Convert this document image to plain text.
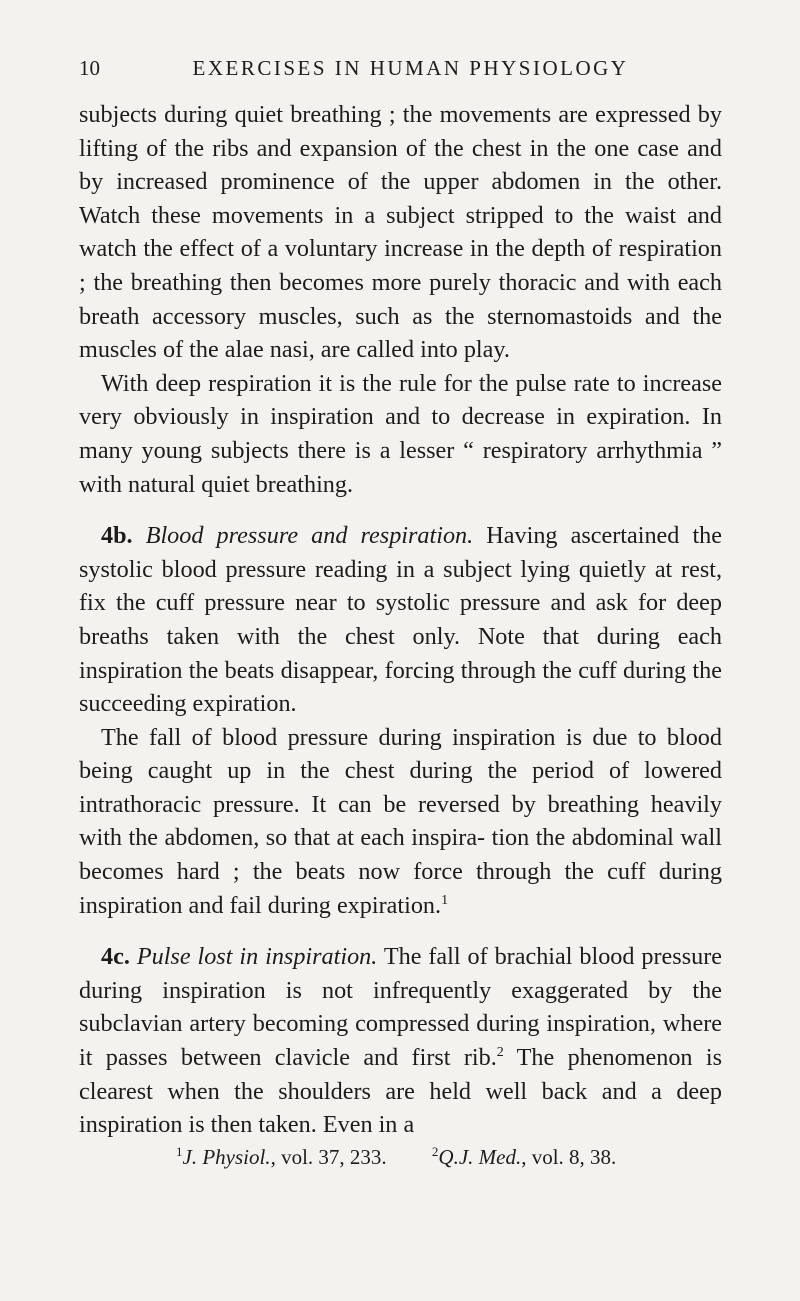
10	EXERCISES IN HUMAN PHYSIOLOGY

subjects during quiet breathing ; the movements are expressed by lifting of the ribs and expansion of the chest in the one case and by increased prominence of the upper abdomen in the other. Watch these movements in a subject stripped to the waist and watch the effect of a voluntary increase in the depth of respiration ; the breathing then becomes more purely thoracic and with each breath accessory muscles, such as the sternomastoids and the muscles of the alae nasi, are called into play.

With deep respiration it is the rule for the pulse rate to increase very obviously in inspiration and to decrease in expiration. In many young subjects there is a lesser “ respiratory arrhythmia ” with natural quiet breathing.

4b. Blood pressure and respiration. Having ascertained the systolic blood pressure reading in a subject lying quietly at rest, fix the cuff pressure near to systolic pressure and ask for deep breaths taken with the chest only. Note that during each inspiration the beats disappear, forcing through the cuff during the succeeding expiration.

The fall of blood pressure during inspiration is due to blood being caught up in the chest during the period of lowered intrathoracic pressure. It can be reversed by breathing heavily with the abdomen, so that at each inspira- tion the abdominal wall becomes hard ; the beats now force through the cuff during inspiration and fail during expiration.$^1$

4c. Pulse lost in inspiration. The fall of brachial blood pressure during inspiration is not infrequently exaggerated by the subclavian artery becoming compressed during inspiration, where it passes between clavicle and first rib.$^2$ The phenomenon is clearest when the shoulders are held well back and a deep inspiration is then taken. Even in a

$^1$J. Physiol., vol. 37, 233.	$^2$Q.J. Med., vol. 8, 38.
